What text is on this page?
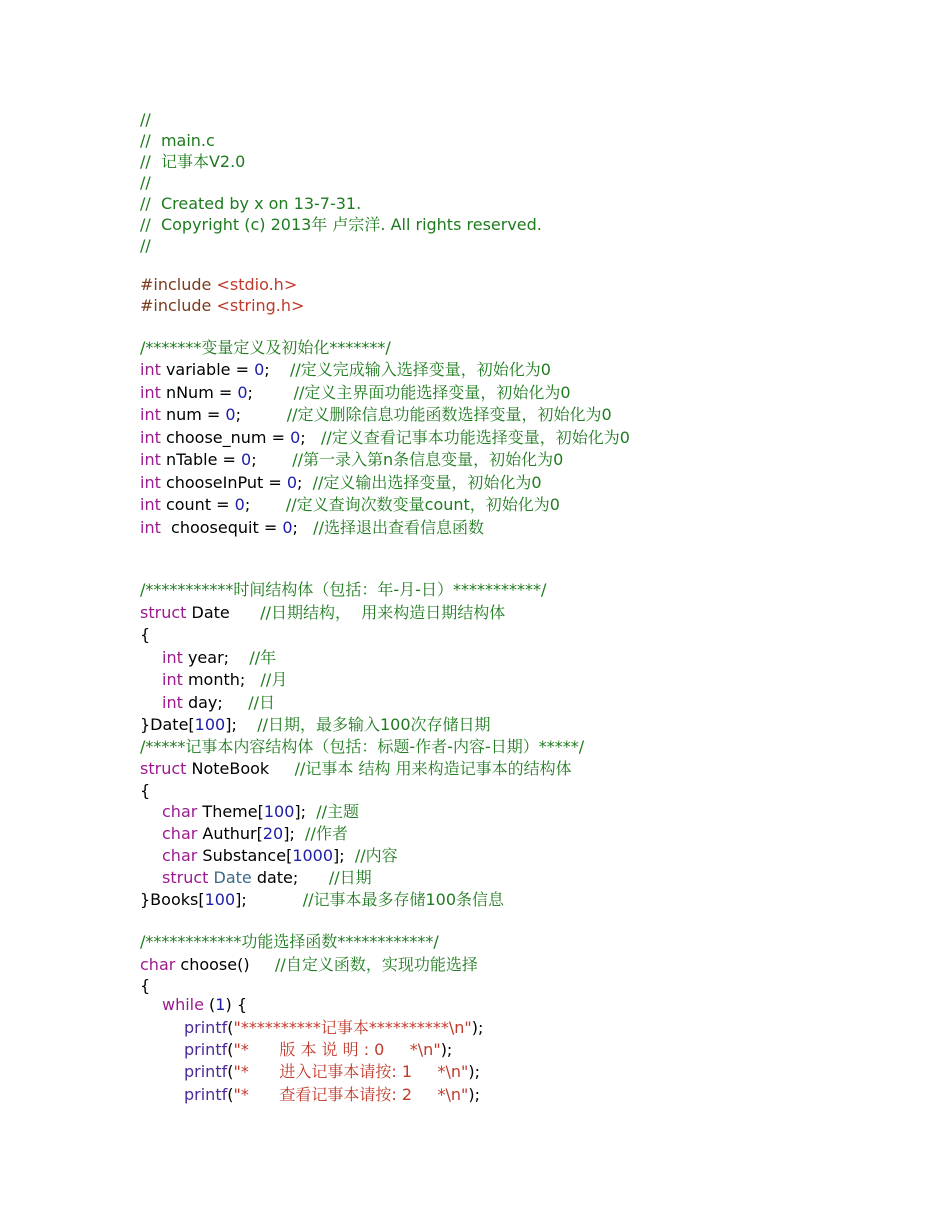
//
//  main.c
//  记事本V2.0
//
//  Created by x on 13-7-31.
//  Copyright (c) 2013年 卢宗洋. All rights reserved.
//
#include <stdio.h>
#include <string.h>
/*******变量定义及初始化*******/
int variable = 0;    //定义完成输入选择变量，初始化为0
int nNum = 0;        //定义主界面功能选择变量，初始化为0
int num = 0;         //定义删除信息功能函数选择变量，初始化为0
int choose_num = 0;   //定义查看记事本功能选择变量，初始化为0
int nTable = 0;       //第一录入第n条信息变量，初始化为0
int chooseInPut = 0;  //定义输出选择变量，初始化为0
int count = 0;       //定义查询次数变量count，初始化为0
int  choosequit = 0;   //选择退出查看信息函数
/***********时间结构体（包括：年-月-日）***********/
struct Date      //日期结构，  用来构造日期结构体
{
int year;    //年
int month;   //月
int day;     //日
}Date[100];    //日期，最多输入100次存储日期
/*****记事本内容结构体（包括：标题-作者-内容-日期）*****/
struct NoteBook     //记事本 结构 用来构造记事本的结构体
{
char Theme[100];  //主题
char Authur[20];  //作者
char Substance[1000];  //内容
struct Date date;      //日期
}Books[100];           //记事本最多存储100条信息
/************功能选择函数************/
char choose()     //自定义函数，实现功能选择
{
while (1) {
printf("**********记事本**********\n");
printf("*      版 本 说 明 : 0     *\n");
printf("*      进入记事本请按: 1     *\n");
printf("*      查看记事本请按: 2     *\n");
